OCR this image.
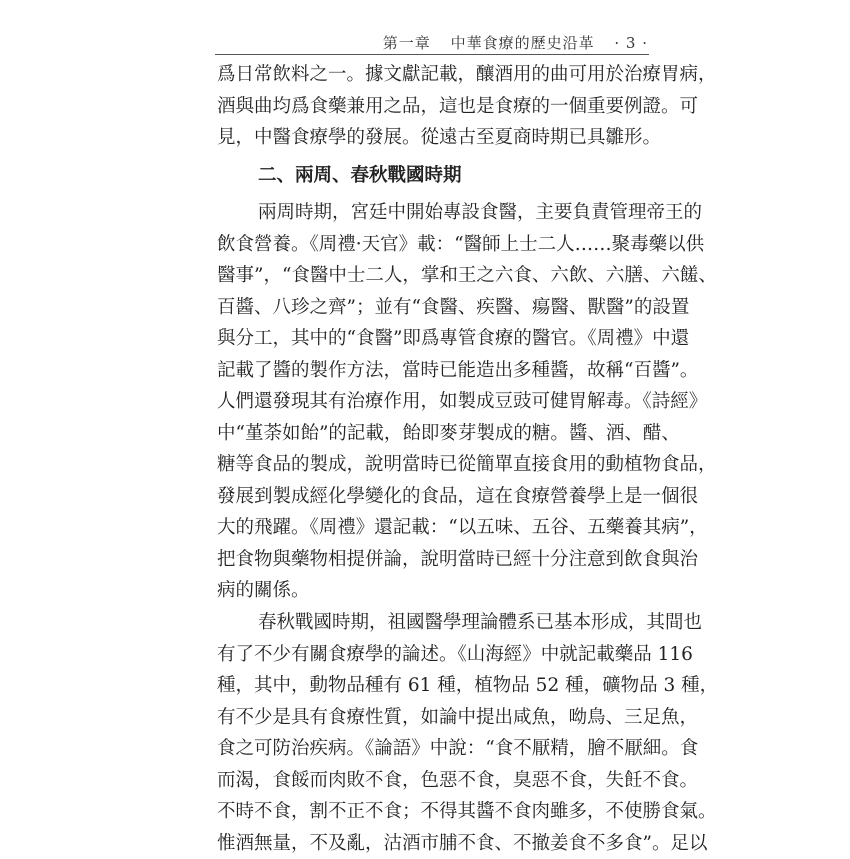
第一章 中華食療的歷史沿革 · 3 ·
爲日常飲料之一。據文獻記載，釀酒用的曲可用於治療胃病，
酒與曲均爲食藥兼用之品，這也是食療的一個重要例證。可
見，中醫食療學的發展。從遠古至夏商時期已具雛形。
二、兩周、春秋戰國時期
兩周時期，宮廷中開始專設食醫，主要負責管理帝王的
飲食營養。《周禮·天官》載：“醫師上士二人……聚毒藥以供
醫事”，“食醫中士二人，掌和王之六食、六飲、六膳、六饈、
百醬、八珍之齊”；並有“食醫、疾醫、瘍醫、獸醫”的設置
與分工，其中的“食醫”即爲專管食療的醫官。《周禮》中還
記載了醬的製作方法，當時已能造出多種醬，故稱“百醬”。
人們還發現其有治療作用，如製成豆豉可健胃解毒。《詩經》
中“堇荼如飴”的記載，飴即麥芽製成的糖。醬、酒、醋、
糖等食品的製成，說明當時已從簡單直接食用的動植物食品，
發展到製成經化學變化的食品，這在食療營養學上是一個很
大的飛躍。《周禮》還記載：“以五味、五谷、五藥養其病”，
把食物與藥物相提併論，說明當時已經十分注意到飲食與治
病的關係。
春秋戰國時期，祖國醫學理論體系已基本形成，其間也
有了不少有關食療學的論述。《山海經》中就記載藥品 116
種，其中，動物品種有 61 種，植物品 52 種，礦物品 3 種，
有不少是具有食療性質，如論中提出咸魚，呦鳥、三足魚，
食之可防治疾病。《論語》中說：“食不厭精，膾不厭細。食
而渴，食餒而肉敗不食，色惡不食，臭惡不食，失飪不食。
不時不食，割不正不食；不得其醬不食肉雖多，不使勝食氣。
惟酒無量，不及亂，沽酒市脯不食、不撤姜食不多食”。足以
